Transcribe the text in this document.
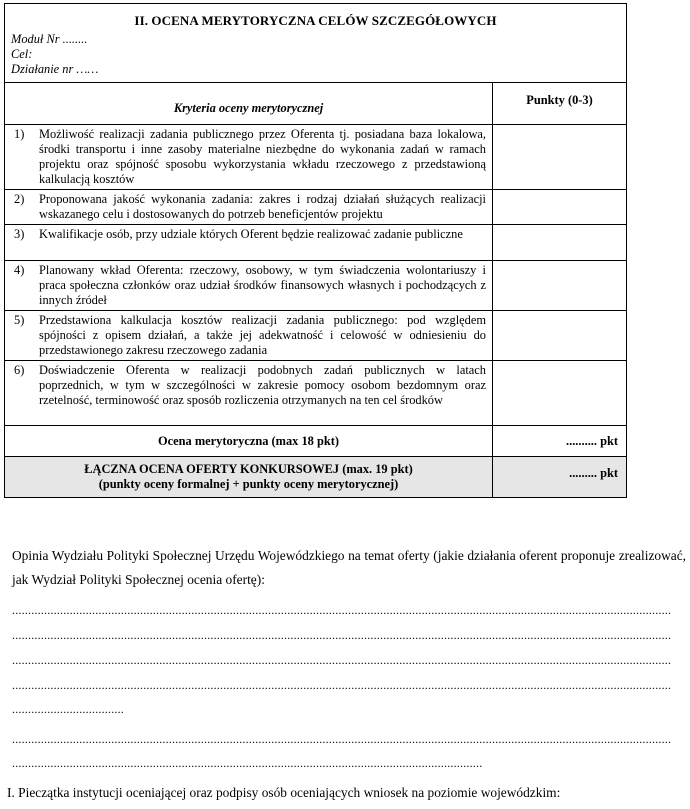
II. OCENA MERYTORYCZNA CELÓW SZCZEGÓŁOWYCH
Moduł Nr ........
Cel:
Działanie nr ……	

Kryteria oceny merytorycznej	Punkty (0-3)

1) Możliwość realizacji zadania publicznego przez Oferenta tj. posiadana baza lokalowa, środki transportu i inne zasoby materialne niezbędne do wykonania zadań w ramach projektu oraz spójność sposobu wykorzystania wkładu rzeczowego z przedstawioną kalkulacją kosztów	

2) Proponowana jakość wykonania zadania: zakres i rodzaj działań służących realizacji wskazanego celu i dostosowanych do potrzeb beneficjentów projektu	

3) Kwalifikacje osób, przy udziale których Oferent będzie realizować zadanie publiczne	

4) Planowany wkład Oferenta: rzeczowy, osobowy, w tym świadczenia wolontariuszy i praca społeczna członków oraz udział środków finansowych własnych i pochodzących z innych źródeł	

5) Przedstawiona kalkulacja kosztów realizacji zadania publicznego: pod względem spójności z opisem działań, a także jej adekwatność i celowość w odniesieniu do przedstawionego zakresu rzeczowego zadania	

6) Doświadczenie Oferenta w realizacji podobnych zadań publicznych w latach poprzednich, w tym w szczególności w zakresie pomocy osobom bezdomnym oraz rzetelność, terminowość oraz sposób rozliczenia otrzymanych na ten cel środków	

Ocena merytoryczna (max 18 pkt)	.......... pkt

ŁĄCZNA OCENA OFERTY KONKURSOWEJ (max. 19 pkt)
(punkty oceny formalnej + punkty oceny merytorycznej)	......... pkt
Opinia Wydziału Polityki Społecznej Urzędu Wojewódzkiego na temat oferty (jakie działania oferent proponuje zrealizować, jak Wydział Polityki Społecznej ocenia ofertę):
..............................................................................................................................................................................................................
..............................................................................................................................................................................................................
..............................................................................................................................................................................................................
..............................................................................................................................................................................................................
...................................
..............................................................................................................................................................................................................
...................................................................................................................................................
I. Pieczątka instytucji oceniającej oraz podpisy osób oceniających wniosek na poziomie wojewódzkim:
